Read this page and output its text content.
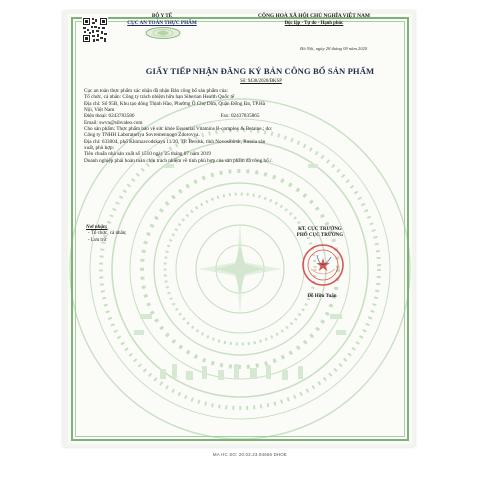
BỘ Y TẾ
CỤC AN TOÀN THỰC PHẨM
CỘNG HOÀ XÃ HỘI CHỦ NGHĨA VIỆT NAM
Độc lập - Tự do - Hạnh phúc
Hà Nội, ngày 28 tháng 09 năm 2020
GIẤY TIẾP NHẬN ĐĂNG KÝ BẢN CÔNG BỐ SẢN PHẨM
Số: 9438/2020/ĐKSP
Cục an toàn thực phẩm xác nhận đã nhận Bản công bố sản phẩm của:
Tổ chức, cá nhân: Công ty trách nhiệm hữu hạn Siberian Health Quốc tế
Địa chỉ: Số 95B, Khu tạo dông Thịnh Hào, Phường Ô Chợ Dừa, Quận Đống Đa, TP.Hà
Nội, Việt Nam
Điện thoại: 0243783586	Fax: 02437835865
Email: swvn@sibvaleo.com
Cho sản phẩm: Thực phẩm bảo vệ sức khỏe Essential Vitamins B-complex & Betaine.; do:
Công ty TNHH Laboratoriya Sovremennogo Zdorovya.
Địa chỉ: 633004, phố Khimzavodskaya 11/20, TP. Berdsk, tỉnh Novosibirsk, Russia sản
xuất, phù hợp:
Tiêu chuẩn nhà sản xuất số 1510 ngày 25 tháng 07 năm 2019
Doanh nghiệp phải hoàn toàn chịu trách nhiệm về tính phù hợp của sản phẩm đã công bố./.
Nơi nhận:
- Tổ chức, cá nhân;
- Lưu trữ
KT. CỤC TRƯỞNG
PHÓ CỤC TRƯỞNG
Đỗ Hữu Tuấn
MA HC SO: 20.03.23.94666 DHOE
